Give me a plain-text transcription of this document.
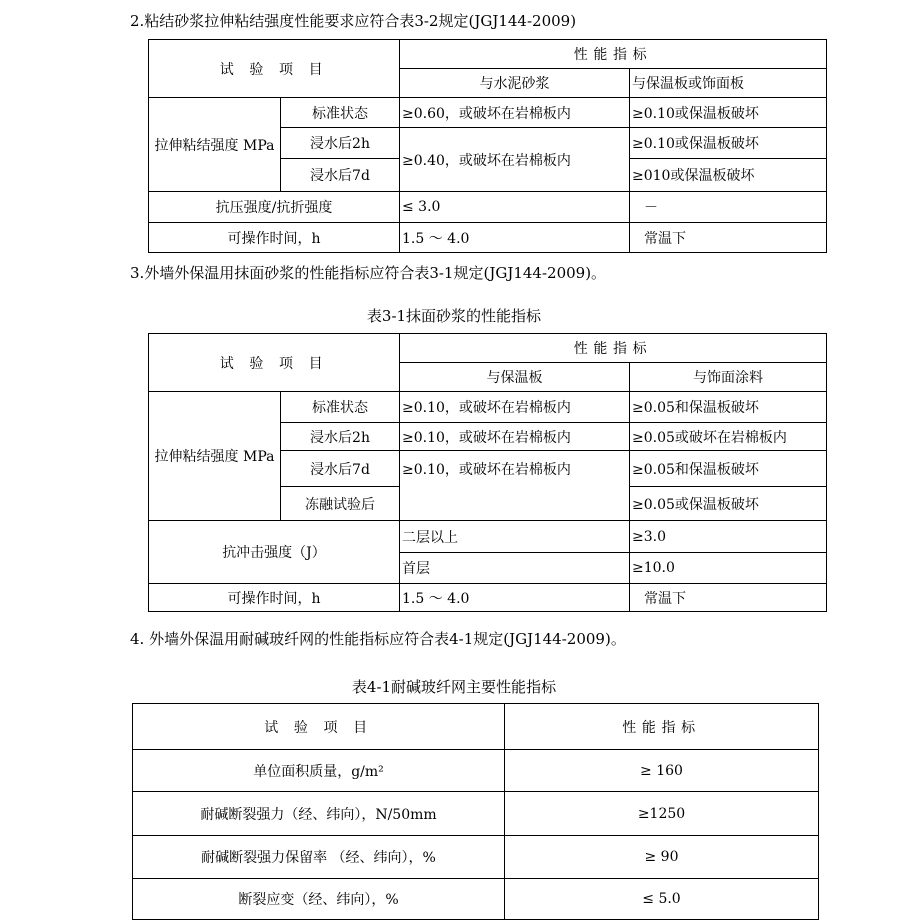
2.粘结砂浆拉伸粘结强度性能要求应符合表3-2规定(JGJ144-2009)
试 验 项 目		性能指标	
		与水泥砂浆	与保温板或饰面板
拉伸粘结强度 MPa	标准状态	≥0.60，或破坏在岩棉板内	≥0.10或保温板破坏
	浸水后2h	≥0.40，或破坏在岩棉板内	≥0.10或保温板破坏
	浸水后7d		≥010或保温板破坏
抗压强度/抗折强度		≤ 3.0	－
可操作时间，h		1.5 ～ 4.0	常温下
3.外墙外保温用抹面砂浆的性能指标应符合表3-1规定(JGJ144-2009)。
表3-1抹面砂浆的性能指标
试 验 项 目		性能指标	
		与保温板	与饰面涂料
拉伸粘结强度 MPa	标准状态	≥0.10，或破坏在岩棉板内	≥0.05和保温板破坏
	浸水后2h	≥0.10，或破坏在岩棉板内	≥0.05或破坏在岩棉板内
	浸水后7d	≥0.10，或破坏在岩棉板内	≥0.05和保温板破坏
	冻融试验后		≥0.05或保温板破坏
抗冲击强度（J）		二层以上	≥3.0
		首层	≥10.0
可操作时间，h		1.5 ～ 4.0	常温下
4. 外墙外保温用耐碱玻纤网的性能指标应符合表4-1规定(JGJ144-2009)。
表4-1耐碱玻纤网主要性能指标
试 验 项 目	性能指标
单位面积质量，g/m²	≥ 160
耐碱断裂强力（经、纬向），N/50mm	≥1250
耐碱断裂强力保留率 （经、纬向），%	≥ 90
断裂应变（经、纬向），%	≤ 5.0
